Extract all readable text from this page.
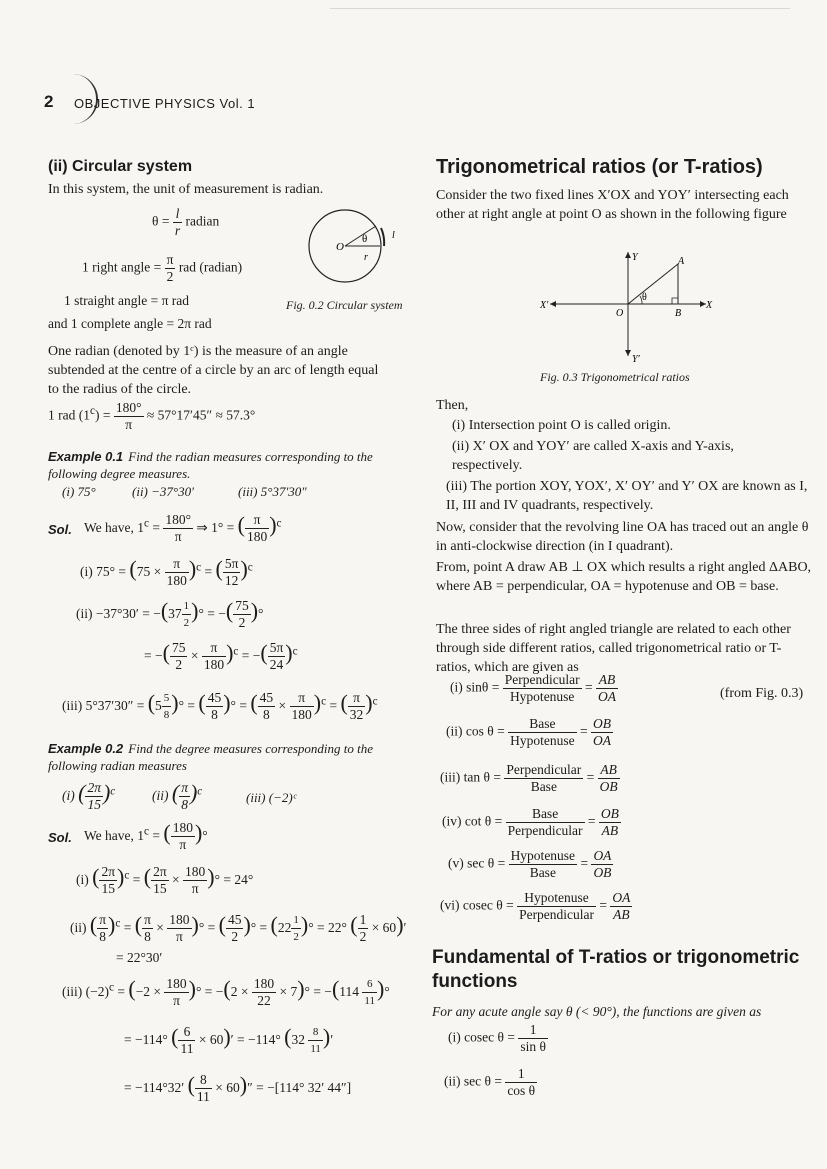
2 OBJECTIVE PHYSICS Vol. 1
(ii) Circular system
In this system, the unit of measurement is radian.
$\theta = \frac{l}{r}$ radian
1 right angle = $\frac{\pi}{2}$ rad (radian)
1 straight angle = π rad
and 1 complete angle = 2π rad
O
θ
r
l
Fig. 0.2 Circular system
One radian (denoted by 1ᶜ) is the measure of an angle subtended at the centre of a circle by an arc of length equal to the radius of the circle.
1 rad $(1^c) = \frac{180^\circ}{\pi} \approx 57^\circ 17'45'' \approx 57.3^\circ$
Example 0.1 Find the radian measures corresponding to the following degree measures.
(i) 75°	(ii) −37°30′	(iii) 5°37′30″
Sol. We have, $1^c = \frac{180^\circ}{\pi}$ ⇒ 1° = ( $\frac{\pi}{180} )^c$
(i) $75^\circ = (75 \times \frac{\pi}{180} )^c$ = ( $\frac{5\pi}{12} )^c$
$(ii) -37^\circ 30' = -(37 \frac{1}{2}$ )° = −( $\frac{75}{2}$ )°
= −( $\frac{75}{2} \times \frac{\pi}{180} )^c$ = −( $\frac{5\pi}{24} )^c$
(iii) $5^\circ 37'30'' = (5 \frac{5}{8}$ )° = ( $\frac{45}{8}$ )° = ( $\frac{45}{8} \times \frac{\pi}{180} )^c$ = ( $\frac{\pi}{32} )^c$
Example 0.2 Find the degree measures corresponding to the following radian measures
(i) ( $\frac{2\pi}{15} )^c$	(ii) ( $\frac{\pi}{8} )^c$	(iii) (−2)ᶜ
Sol. We have, $1^c$ = ( $\frac{180}{\pi}$ )°
(i) ( $\frac{2\pi}{15} )^c$ = ( $\frac{2\pi}{15} \times \frac{180}{\pi}$ )° = 24°
(ii) ( $\frac{\pi}{8} )^c$ = ( $\frac{\pi}{8} \times \frac{180}{\pi}$ )° = ( $\frac{45}{2}$ )° = ($22 \frac{1}{2}$ )° = 22° ( $\frac{1}{2} \times 60)'$
= 22°30′
(iii) $(-2)^c = (-2 \times \frac{180}{\pi}$ )° = $-(2 \times \frac{180}{22} \times 7)^\circ = -(114 \frac{6}{11}$ )°
= −114° ( $\frac{6}{11} \times 60)' = -114^\circ$ ($32 \frac{8}{11}$ )′
= −114°32′ ( $\frac{8}{11} \times 60)'' = -[114^\circ$ 32′ 44″]
Trigonometrical ratios (or T-ratios)
Consider the two fixed lines X′OX and YOY′ intersecting each other at right angle at point O as shown in the following figure
Y	A
X
X′
O	B
Y′
θ
Fig. 0.3 Trigonometrical ratios
Then,
(i) Intersection point O is called origin.
(ii) X′ OX and YOY′ are called X-axis and Y-axis, respectively.
(iii) The portion XOY, YOX′, X′ OY′ and Y′ OX are known as I, II, III and IV quadrants, respectively.
Now, consider that the revolving line OA has traced out an angle θ in anti-clockwise direction (in I quadrant).
From, point A draw AB ⊥ OX which results a right angled ΔABO, where AB = perpendicular, OA = hypotenuse and OB = base.
The three sides of right angled triangle are related to each other through side different ratios, called trigonometrical ratio or T-ratios, which are given as
(i) $\sin\theta = \frac{\text{Perpendicular}}{\text{Hypotenuse}} = \frac{AB}{OA}$	(from Fig. 0.3)
(ii) $\cos \theta = \frac{\text{Base}}{\text{Hypotenuse}} = \frac{OB}{OA}$
(iii) $\tan \theta = \frac{\text{Perpendicular}}{\text{Base}} = \frac{AB}{OB}$
(iv) $\cot \theta = \frac{\text{Base}}{\text{Perpendicular}} = \frac{OB}{AB}$
(v) $\sec \theta = \frac{\text{Hypotenuse}}{\text{Base}} = \frac{OA}{OB}$
(vi) cosec $\theta = \frac{\text{Hypotenuse}}{\text{Perpendicular}} = \frac{OA}{AB}$
Fundamental of T-ratios or trigonometric functions
For any acute angle say θ (< 90°), the functions are given as
(i) cosec $\theta = \frac{1}{\text{sin θ}}$
(ii) $\sec \theta = \frac{1}{\text{cos θ}}$
